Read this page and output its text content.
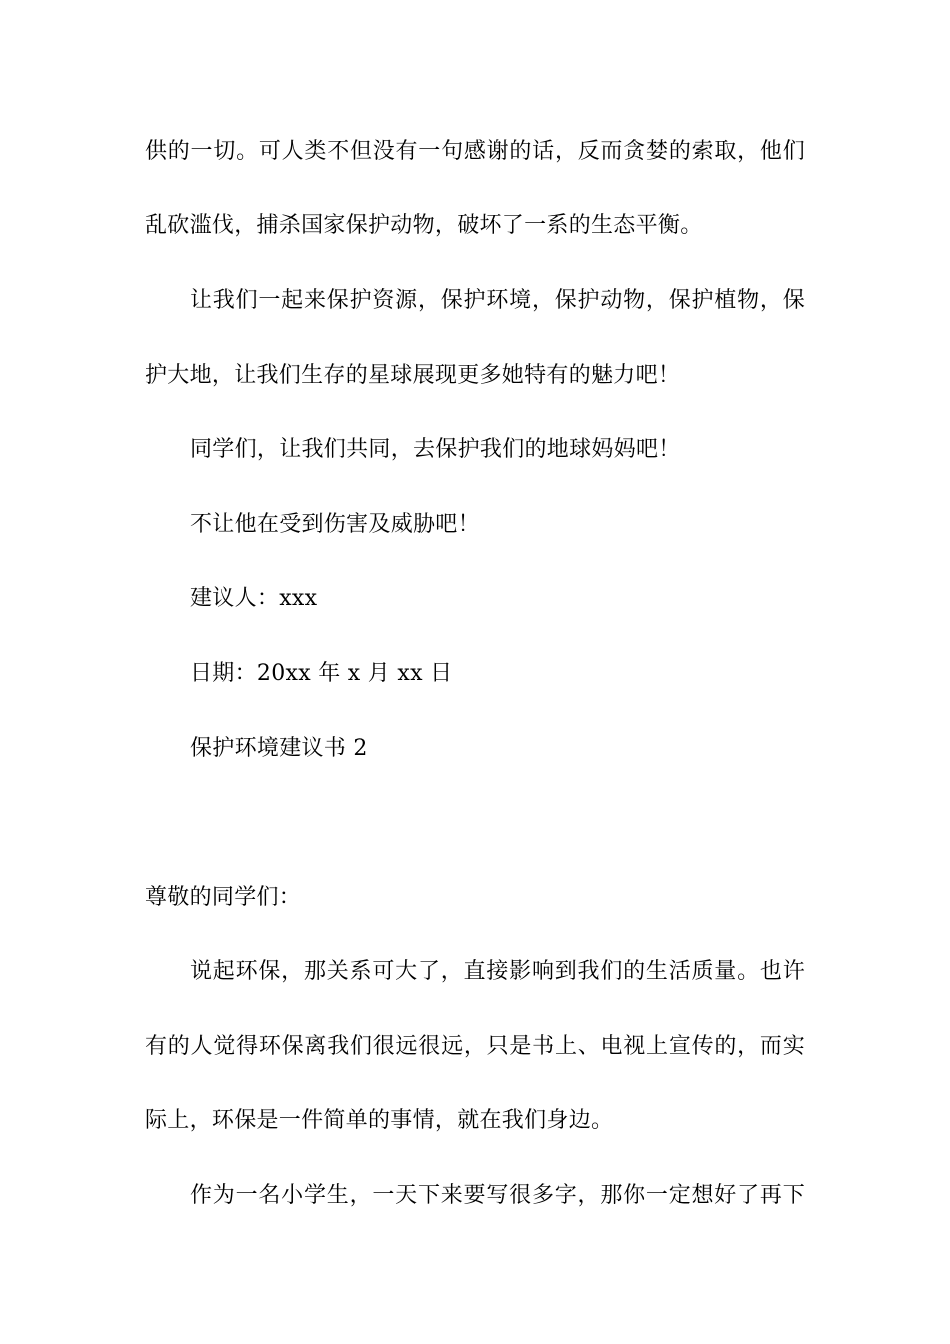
供的一切。可人类不但没有一句感谢的话，反而贪婪的索取，他们
乱砍滥伐，捕杀国家保护动物，破坏了一系的生态平衡。
让我们一起来保护资源，保护环境，保护动物，保护植物，保
护大地，让我们生存的星球展现更多她特有的魅力吧！
同学们，让我们共同，去保护我们的地球妈妈吧！
不让他在受到伤害及威胁吧！
建议人：xxx
日期：20xx 年 x 月 xx 日
保护环境建议书 2
尊敬的同学们：
说起环保，那关系可大了，直接影响到我们的生活质量。也许
有的人觉得环保离我们很远很远，只是书上、电视上宣传的，而实
际上，环保是一件简单的事情，就在我们身边。
作为一名小学生，一天下来要写很多字，那你一定想好了再下
